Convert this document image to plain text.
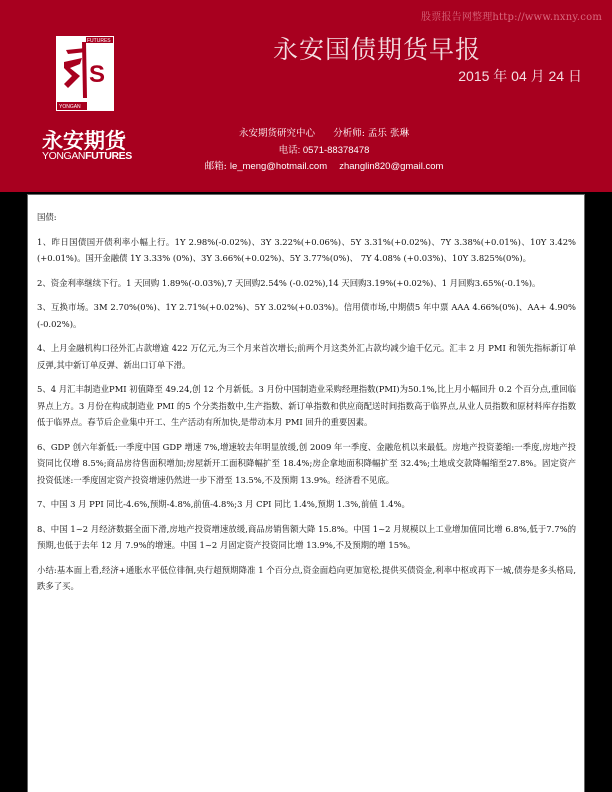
股票报告网整理http://www.nxny.com
FUTURES
YONGAN
S
永安期货
YONGANFUTURES
永安国债期货早报
2015 年 04 月 24 日
永安期货研究中心 分析师: 孟乐 张琳
电话: 0571-88378478
邮箱: le_meng@hotmail.com zhanglin820@gmail.com
国债:

1、昨日国债国开债利率小幅上行。1Y 2.98%(-0.02%)、3Y 3.22%(+0.06%)、5Y 3.31%(+0.02%)、7Y 3.38%(+0.01%)、10Y 3.42%(+0.01%)。国开金融债 1Y 3.33% (0%)、3Y 3.66%(+0.02%)、5Y 3.77%(0%)、 7Y 4.08% (+0.03%)、10Y 3.825%(0%)。

2、资金利率继续下行。1 天回购 1.89%(-0.03%),7 天回购2.54% (-0.02%),14 天回购3.19%(+0.02%)、1 月回购3.65%(-0.1%)。

3、互换市场。3M 2.70%(0%)、1Y 2.71%(+0.02%)、5Y 3.02%(+0.03%)。信用债市场,中期债5 年中票 AAA 4.66%(0%)、AA+ 4.90%(-0.02%)。

4、上月金融机构口径外汇占款增逾 422 万亿元,为三个月来首次增长;前两个月这类外汇占款均减少逾千亿元。汇丰 2 月 PMI 和领先指标新订单反弹,其中新订单反弹、新出口订单下滑。

5、4 月汇丰制造业PMI 初值降至 49.24,创 12 个月新低。3 月份中国制造业采购经理指数(PMI)为50.1%,比上月小幅回升 0.2 个百分点,重回临界点上方。3 月份在构成制造业 PMI 的5 个分类指数中,生产指数、新订单指数和供应商配送时间指数高于临界点,从业人员指数和原材料库存指数低于临界点。春节后企业集中开工、生产活动有所加快,是带动本月 PMI 回升的重要因素。

6、GDP 创六年新低:一季度中国 GDP 增速 7%,增速较去年明显放缓,创 2009 年一季度、金融危机以来最低。房地产投资萎缩:一季度,房地产投资同比仅增 8.5%;商品房待售面积增加;房屋新开工面积降幅扩至 18.4%;房企拿地面积降幅扩至 32.4%;土地成交款降幅缩至27.8%。固定资产投资低迷:一季度固定资产投资增速仍然进一步下滑至 13.5%,不及预期 13.9%。经济看不见底。

7、中国 3 月 PPI 同比-4.6%,预期-4.8%,前值-4.8%;3 月 CPI 同比 1.4%,预期 1.3%,前值 1.4%。

8、中国 1~2 月经济数据全面下滑,房地产投资增速放缓,商品房销售额大降 15.8%。中国 1~2 月规模以上工业增加值同比增 6.8%,低于7.7%的预期,也低于去年 12 月 7.9%的增速。中国 1~2 月固定资产投资同比增 13.9%,不及预期的增 15%。

小结:基本面上看,经济+通胀水平低位徘徊,央行超预期降准 1 个百分点,资金面趋向更加宽松,提供买债资金,利率中枢或再下一城,债券是多头格局,跌多了买。
